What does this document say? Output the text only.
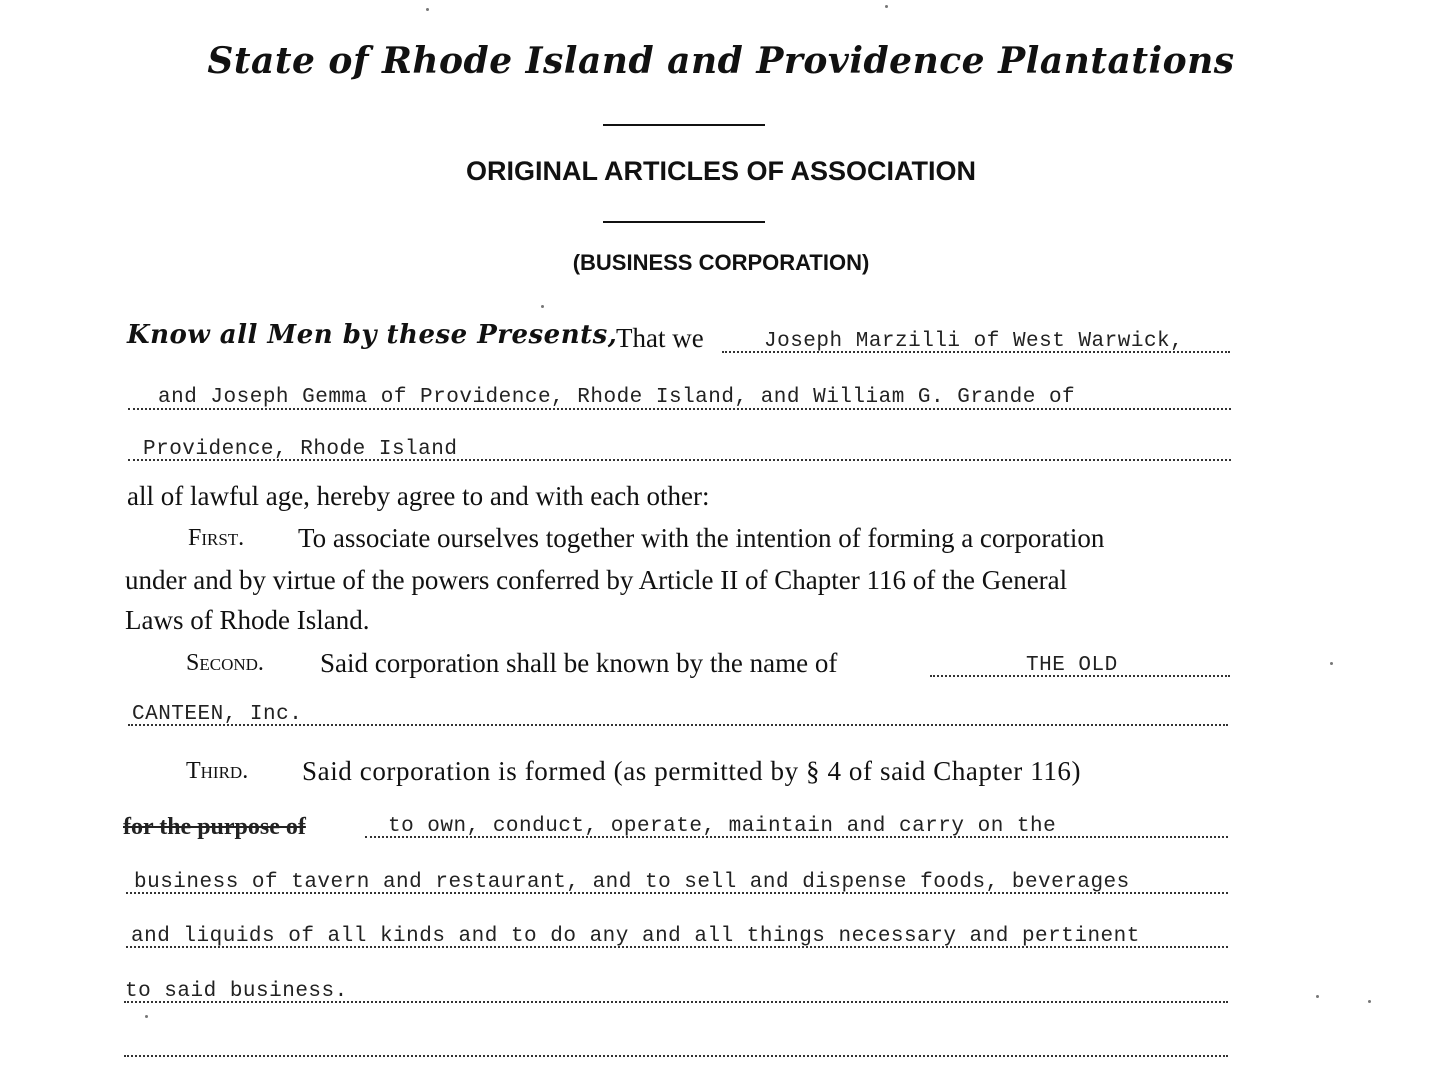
State of Rhode Island and Providence Plantations
ORIGINAL ARTICLES OF ASSOCIATION
(BUSINESS CORPORATION)
Know all Men by these Presents,
That we	Joseph Marzilli of West Warwick,
and Joseph Gemma of Providence, Rhode Island, and William G. Grande of
Providence, Rhode Island
all of lawful age, hereby agree to and with each other:
First. To associate ourselves together with the intention of forming a corporation
under and by virtue of the powers conferred by Article II of Chapter 116 of the General
Laws of Rhode Island.
Second. Said corporation shall be known by the name of	THE OLD
CANTEEN, Inc.
Third. Said corporation is formed (as permitted by § 4 of said Chapter 116)
for the purpose of	to own, conduct, operate, maintain and carry on the
business of tavern and restaurant, and to sell and dispense foods, beverages
and liquids of all kinds and to do any and all things necessary and pertinent
to said business.
